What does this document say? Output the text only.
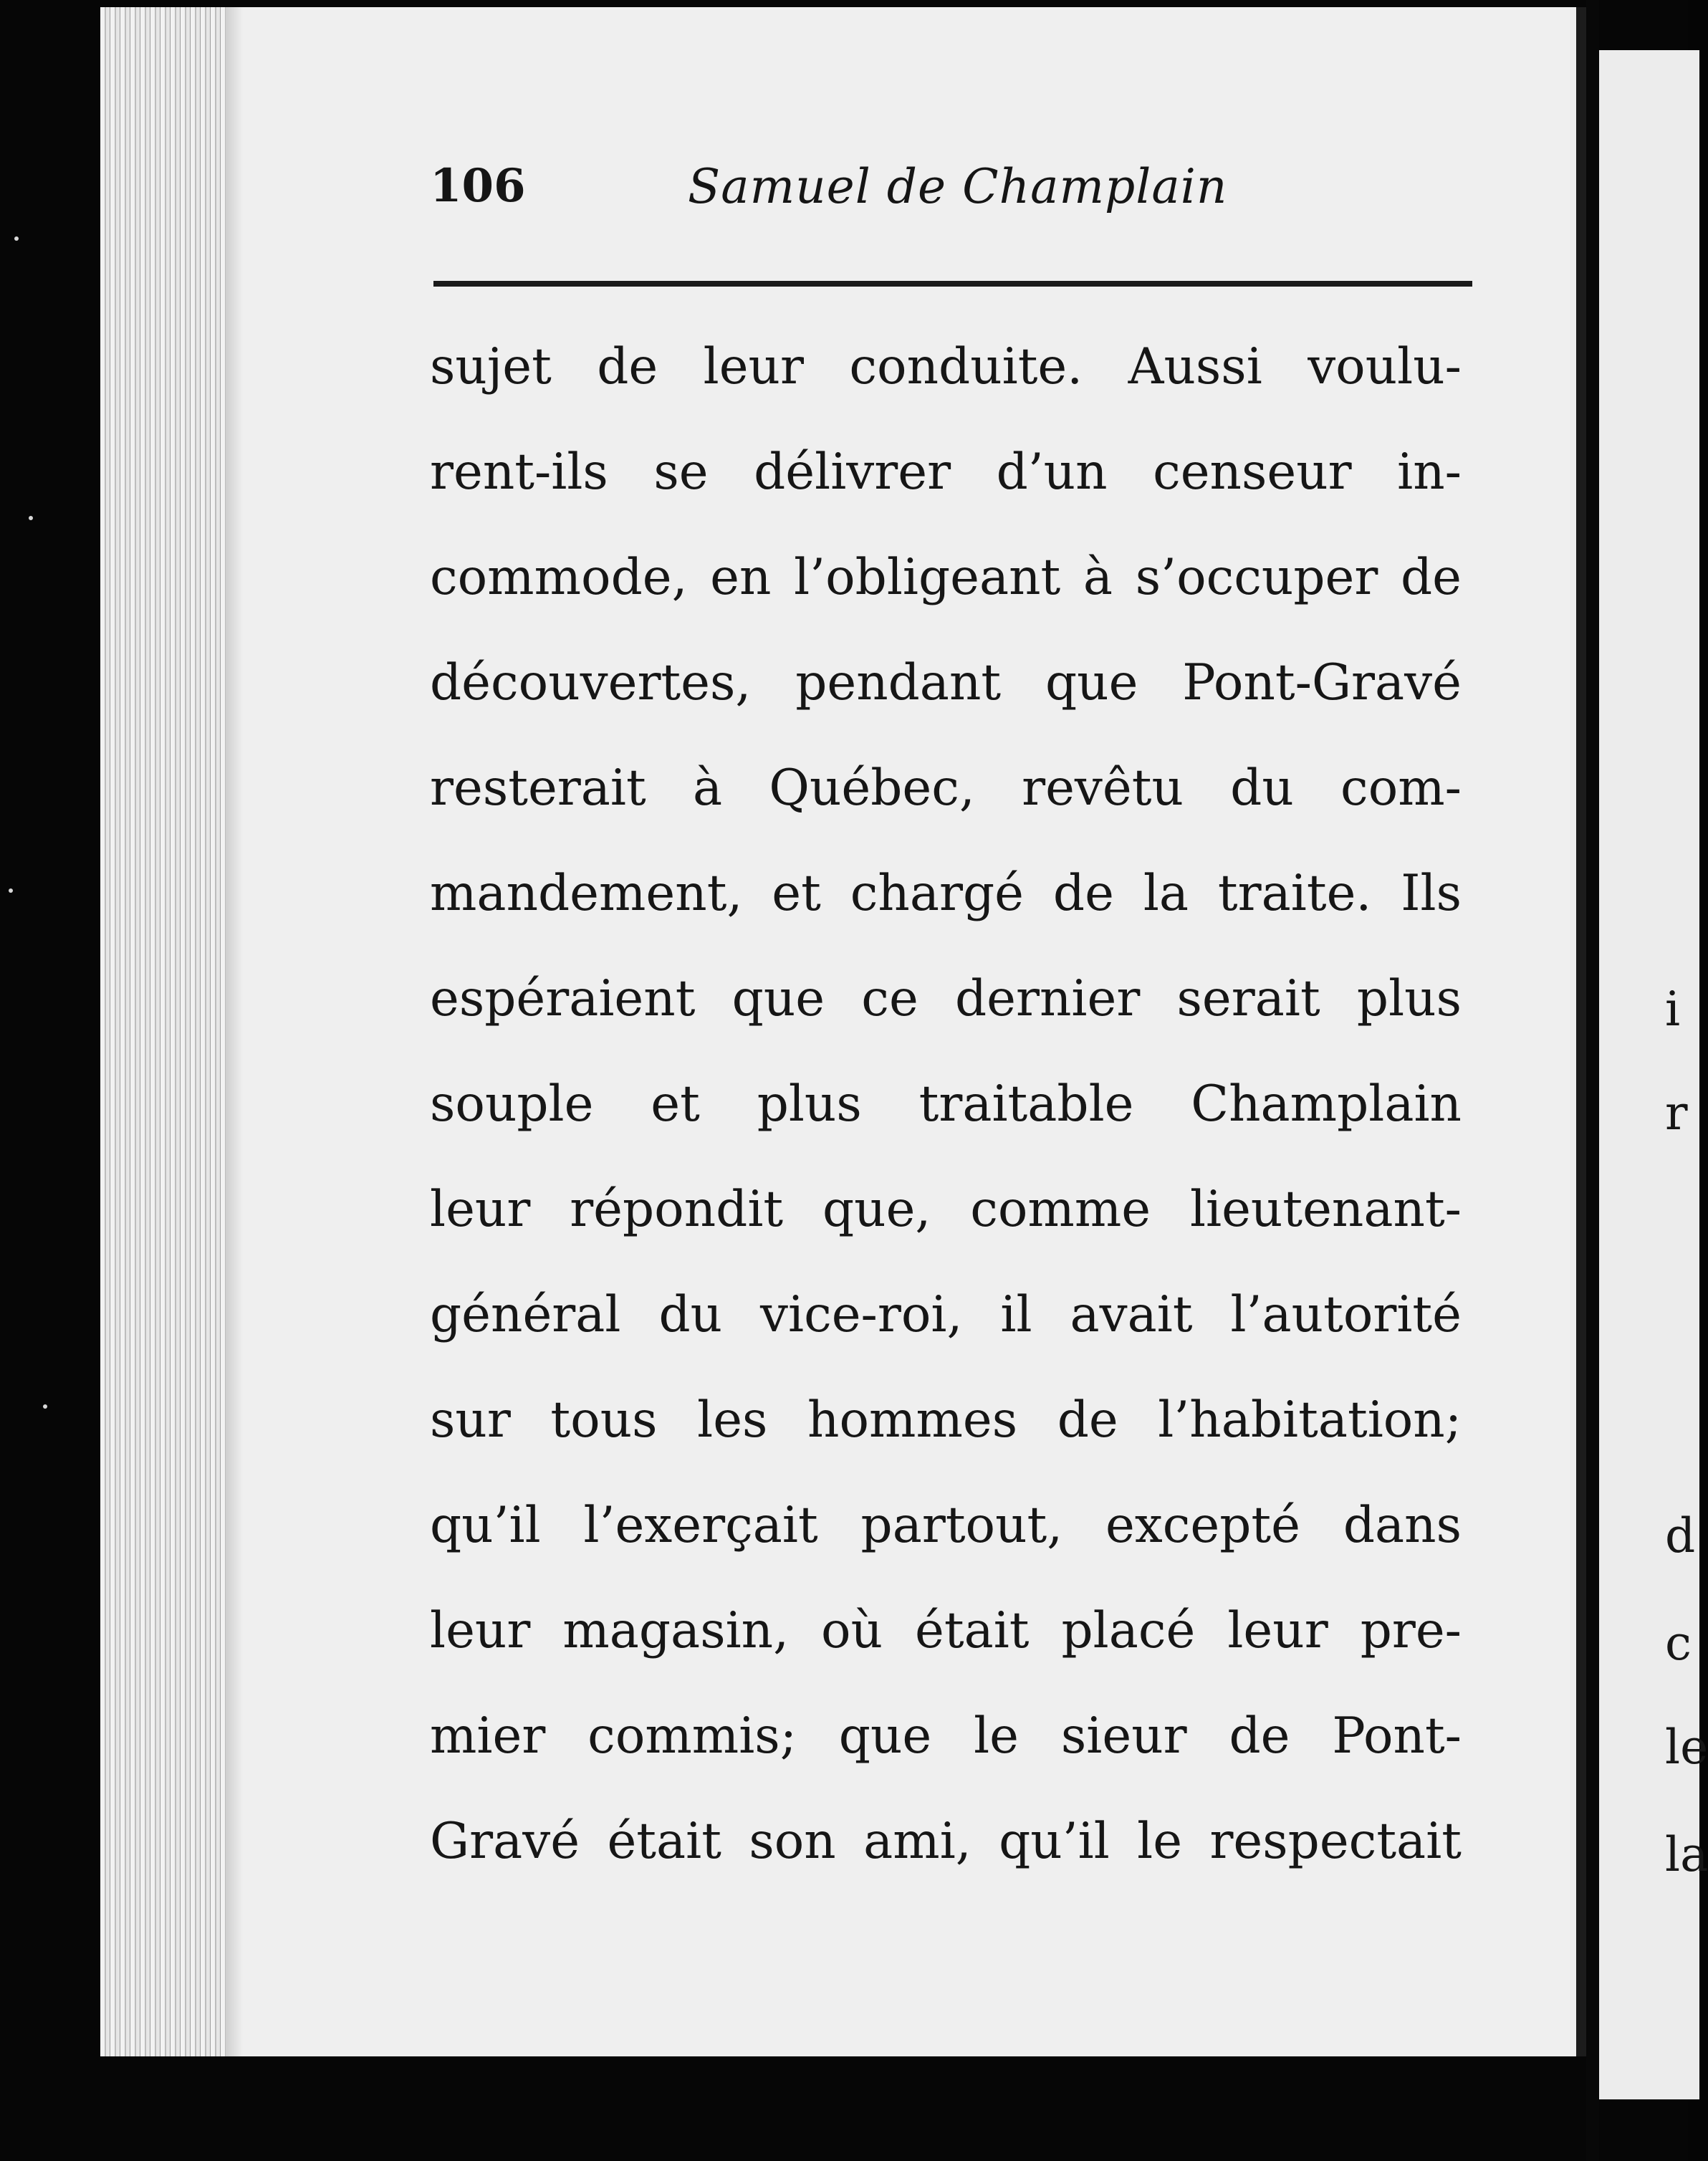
106	Samuel de Champlain
sujet de leur conduite. Aussi voulu-
rent-ils se délivrer d’un censeur in-
commode, en l’obligeant à s’occuper de
découvertes, pendant que Pont-Gravé
resterait à Québec, revêtu du com-
mandement, et chargé de la traite. Ils
espéraient que ce dernier serait plus
souple et plus traitable Champlain
leur répondit que, comme lieutenant-
général du vice-roi, il avait l’autorité
sur tous les hommes de l’habitation;
qu’il l’exerçait partout, excepté dans
leur magasin, où était placé leur pre-
mier commis; que le sieur de Pont-
Gravé était son ami, qu’il le respectait
i
r
d
c
le
la
